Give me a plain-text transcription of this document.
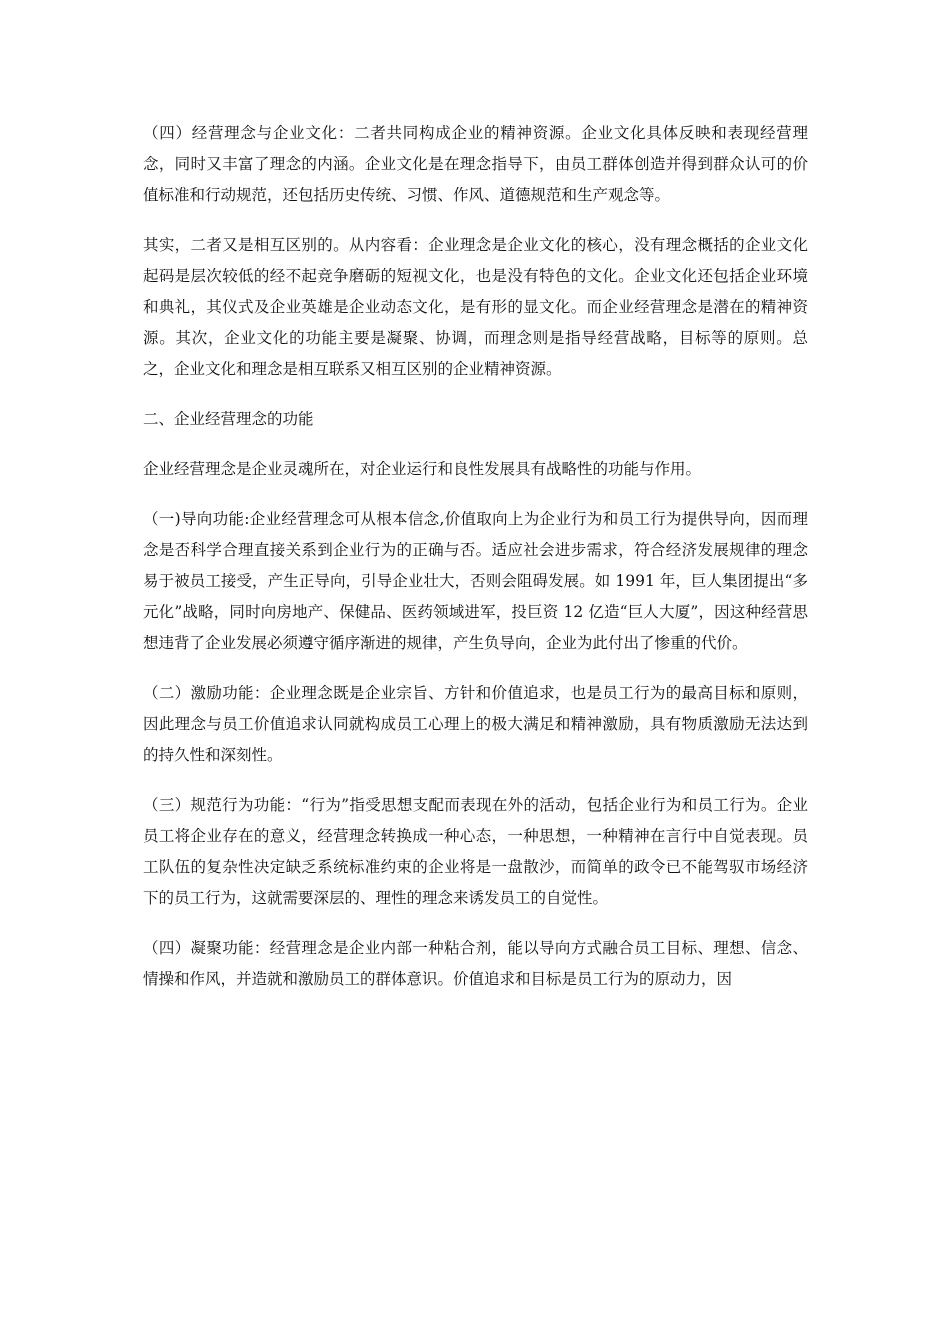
（四）经营理念与企业文化：二者共同构成企业的精神资源。企业文化具体反映和表现经营理念，同时又丰富了理念的内涵。企业文化是在理念指导下，由员工群体创造并得到群众认可的价值标准和行动规范，还包括历史传统、习惯、作风、道德规范和生产观念等。

其实，二者又是相互区别的。从内容看：企业理念是企业文化的核心，没有理念概括的企业文化起码是层次较低的经不起竞争磨砺的短视文化，也是没有特色的文化。企业文化还包括企业环境和典礼，其仪式及企业英雄是企业动态文化，是有形的显文化。而企业经营理念是潜在的精神资源。其次，企业文化的功能主要是凝聚、协调，而理念则是指导经营战略，目标等的原则。总之，企业文化和理念是相互联系又相互区别的企业精神资源。

二、企业经营理念的功能

企业经营理念是企业灵魂所在，对企业运行和良性发展具有战略性的功能与作用。

（一)导向功能:企业经营理念可从根本信念,价值取向上为企业行为和员工行为提供导向，因而理念是否科学合理直接关系到企业行为的正确与否。适应社会进步需求，符合经济发展规律的理念易于被员工接受，产生正导向，引导企业壮大，否则会阻碍发展。如 1991 年，巨人集团提出“多元化”战略，同时向房地产、保健品、医药领域进军，投巨资 12 亿造“巨人大厦”，因这种经营思想违背了企业发展必须遵守循序渐进的规律，产生负导向，企业为此付出了惨重的代价。

（二）激励功能：企业理念既是企业宗旨、方针和价值追求，也是员工行为的最高目标和原则，因此理念与员工价值追求认同就构成员工心理上的极大满足和精神激励，具有物质激励无法达到的持久性和深刻性。

（三）规范行为功能：“行为”指受思想支配而表现在外的活动，包括企业行为和员工行为。企业员工将企业存在的意义，经营理念转换成一种心态，一种思想，一种精神在言行中自觉表现。员工队伍的复杂性决定缺乏系统标准约束的企业将是一盘散沙，而简单的政令已不能驾驭市场经济下的员工行为，这就需要深层的、理性的理念来诱发员工的自觉性。

（四）凝聚功能：经营理念是企业内部一种粘合剂，能以导向方式融合员工目标、理想、信念、情操和作风，并造就和激励员工的群体意识。价值追求和目标是员工行为的原动力，因
